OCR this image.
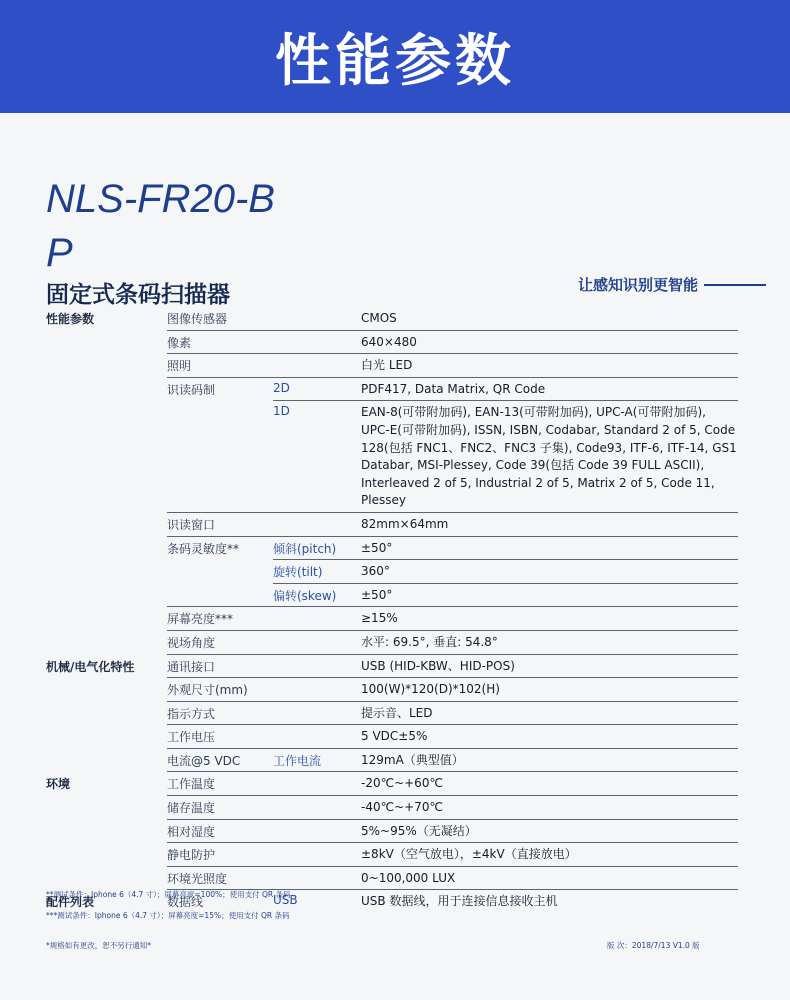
性能参数
NLS-FR20-B
P
固定式条码扫描器	让感知识别更智能
性能参数	图像传感器	CMOS
像素	640×480
照明	白光 LED
识读码制	2D	PDF417, Data Matrix, QR Code
1D	EAN-8(可带附加码), EAN-13(可带附加码), UPC-A(可带附加码), UPC-E(可带附加码), ISSN, ISBN, Codabar, Standard 2 of 5, Code 128(包括 FNC1、FNC2、FNC3 子集), Code93, ITF-6, ITF-14, GS1 Databar, MSI-Plessey, Code 39(包括 Code 39 FULL ASCII), Interleaved 2 of 5, Industrial 2 of 5, Matrix 2 of 5, Code 11, Plessey
识读窗口	82mm×64mm
条码灵敏度**	倾斜(pitch)	±50°
旋转(tilt)	360°
偏转(skew)	±50°
屏幕亮度***	≥15%
视场角度	水平: 69.5°, 垂直: 54.8°
机械/电气化特性	通讯接口	USB (HID-KBW、HID-POS)
外观尺寸(mm)	100(W)*120(D)*102(H)
指示方式	提示音、LED
工作电压	5 VDC±5%
电流@5 VDC	工作电流	129mA（典型值）
环境	工作温度	-20℃~+60℃
储存温度	-40℃~+70℃
相对湿度	5%~95%（无凝结）
静电防护	±8kV（空气放电），±4kV（直接放电）
环境光照度	0~100,000 LUX
配件列表	数据线	USB	USB 数据线，用于连接信息接收主机
**测试条件：Iphone 6（4.7 寸）；屏幕亮度=100%；使用支付 QR 条码
***测试条件：Iphone 6（4.7 寸）；屏幕亮度=15%；使用支付 QR 条码
*规格如有更改，恕不另行通知*	版 次：2018/7/13 V1.0 版
